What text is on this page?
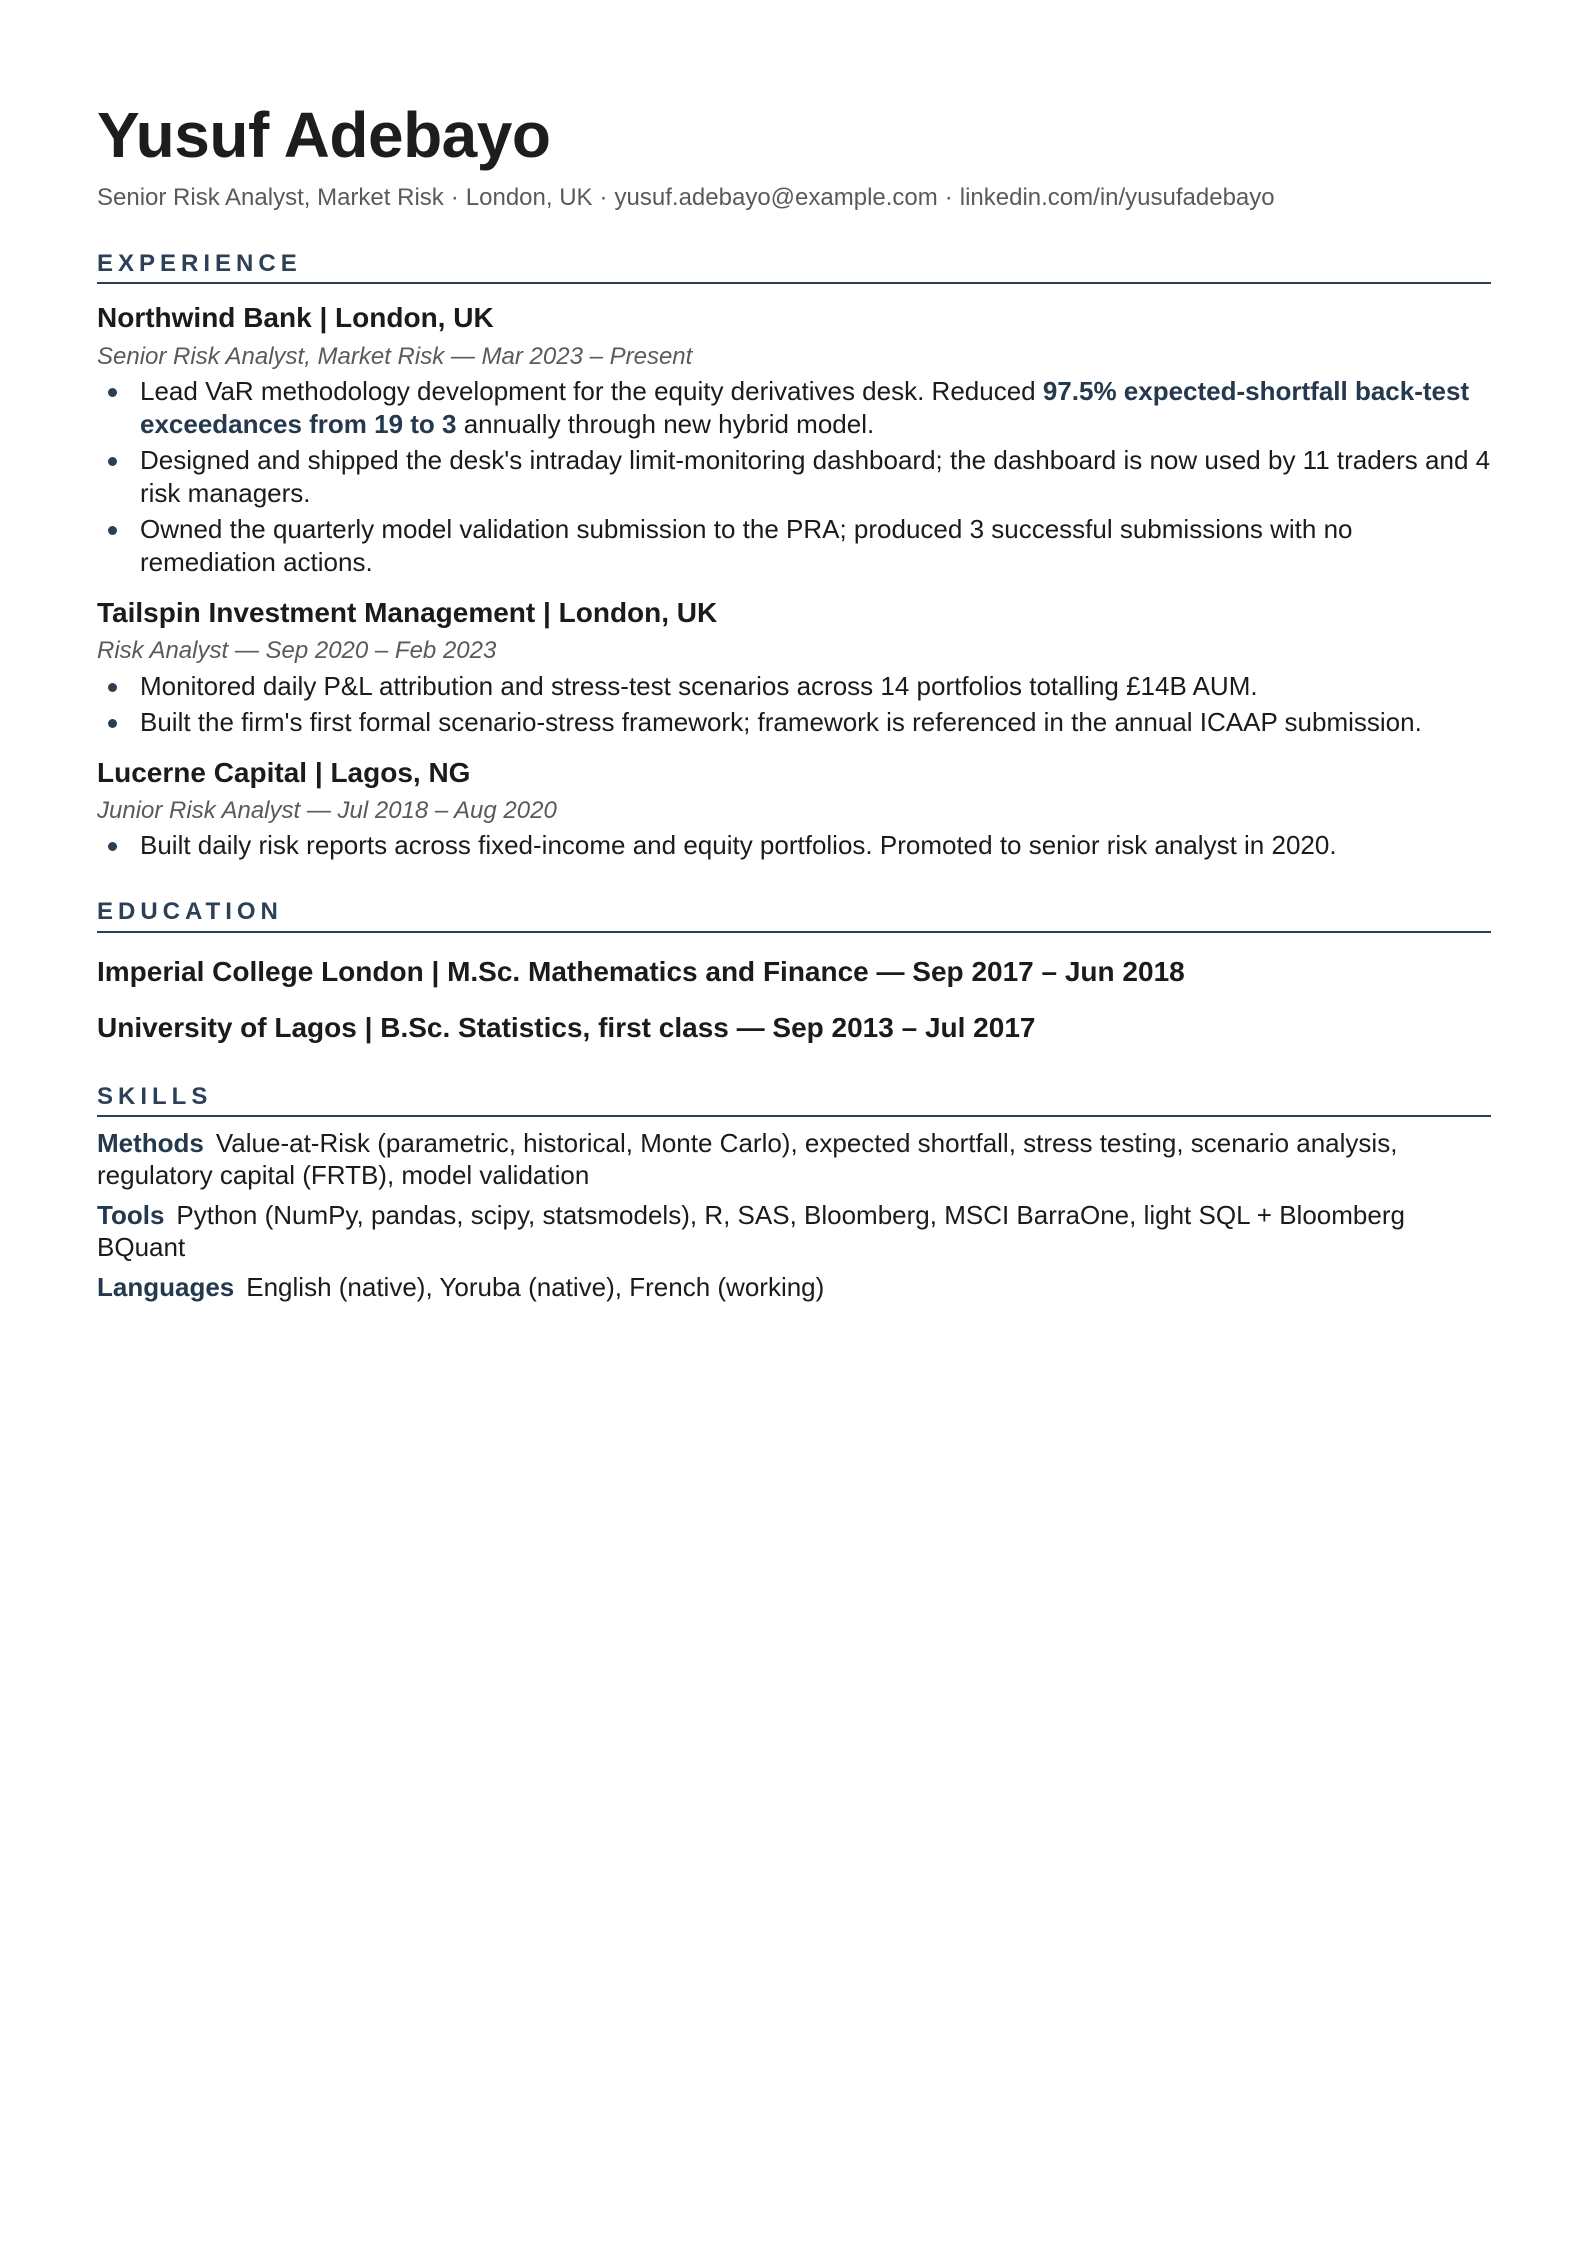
Yusuf Adebayo
Senior Risk Analyst, Market Risk · London, UK · yusuf.adebayo@example.com · linkedin.com/in/yusufadebayo
EXPERIENCE
Northwind Bank | London, UK
Senior Risk Analyst, Market Risk — Mar 2023 – Present
Lead VaR methodology development for the equity derivatives desk. Reduced 97.5% expected-shortfall back-test exceedances from 19 to 3 annually through new hybrid model.
Designed and shipped the desk's intraday limit-monitoring dashboard; the dashboard is now used by 11 traders and 4 risk managers.
Owned the quarterly model validation submission to the PRA; produced 3 successful submissions with no remediation actions.
Tailspin Investment Management | London, UK
Risk Analyst — Sep 2020 – Feb 2023
Monitored daily P&L attribution and stress-test scenarios across 14 portfolios totalling £14B AUM.
Built the firm's first formal scenario-stress framework; framework is referenced in the annual ICAAP submission.
Lucerne Capital | Lagos, NG
Junior Risk Analyst — Jul 2018 – Aug 2020
Built daily risk reports across fixed-income and equity portfolios. Promoted to senior risk analyst in 2020.
EDUCATION
Imperial College London | M.Sc. Mathematics and Finance — Sep 2017 – Jun 2018
University of Lagos | B.Sc. Statistics, first class — Sep 2013 – Jul 2017
SKILLS
Methods Value-at-Risk (parametric, historical, Monte Carlo), expected shortfall, stress testing, scenario analysis, regulatory capital (FRTB), model validation
Tools Python (NumPy, pandas, scipy, statsmodels), R, SAS, Bloomberg, MSCI BarraOne, light SQL + Bloomberg BQuant
Languages English (native), Yoruba (native), French (working)
